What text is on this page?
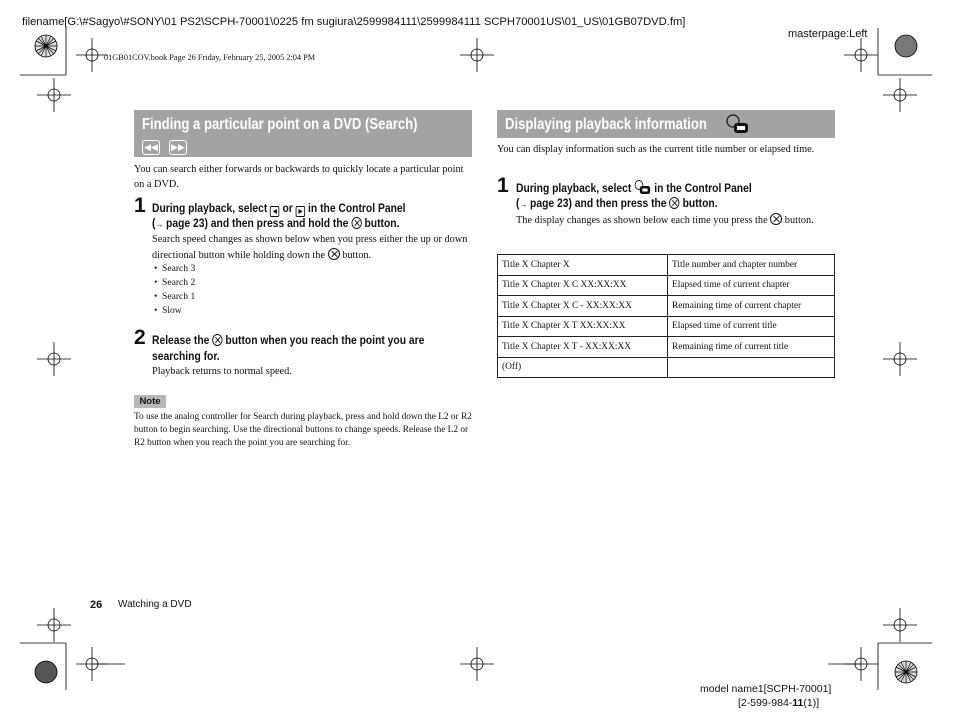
filename[G:\#Sagyo\#SONY\01 PS2\SCPH-70001\0225 fm sugiura\2599984111\2599984111 SCPH70001US\01_US\01GB07DVD.fm]
masterpage:Left
01GB01COV.book Page 26 Friday, February 25, 2005 2:04 PM
Finding a particular point on a DVD (Search)
◀◀ ▶▶
You can search either forwards or backwards to quickly locate a particular point on a DVD.
1 During playback, select ◀ or ▶ in the Control Panel
(→ page 23) and then press and hold the button.
Search speed changes as shown below when you press either the up or down directional button while holding down the button.
• Search 3
• Search 2
• Search 1
• Slow
2 Release the button when you reach the point you are
searching for.
Playback returns to normal speed.
Note
To use the analog controller for Search during playback, press and hold down the L2 or R2 button to begin searching. Use the directional buttons to change speeds. Release the L2 or R2 button when you reach the point you are searching for.
Displaying playback information
You can display information such as the current title number or elapsed time.
1 During playback, select in the Control Panel
(→ page 23) and then press the button.
The display changes as shown below each time you press the button.
Title X Chapter X	Title number and chapter number
Title X Chapter X C XX:XX:XX	Elapsed time of current chapter
Title X Chapter X C - XX:XX:XX	Remaining time of current chapter
Title X Chapter X T XX:XX:XX	Elapsed time of current title
Title X Chapter X T - XX:XX:XX	Remaining time of current title
(Off)	
26 Watching a DVD
model name1[SCPH-70001]
[2-599-984-11(1)]
